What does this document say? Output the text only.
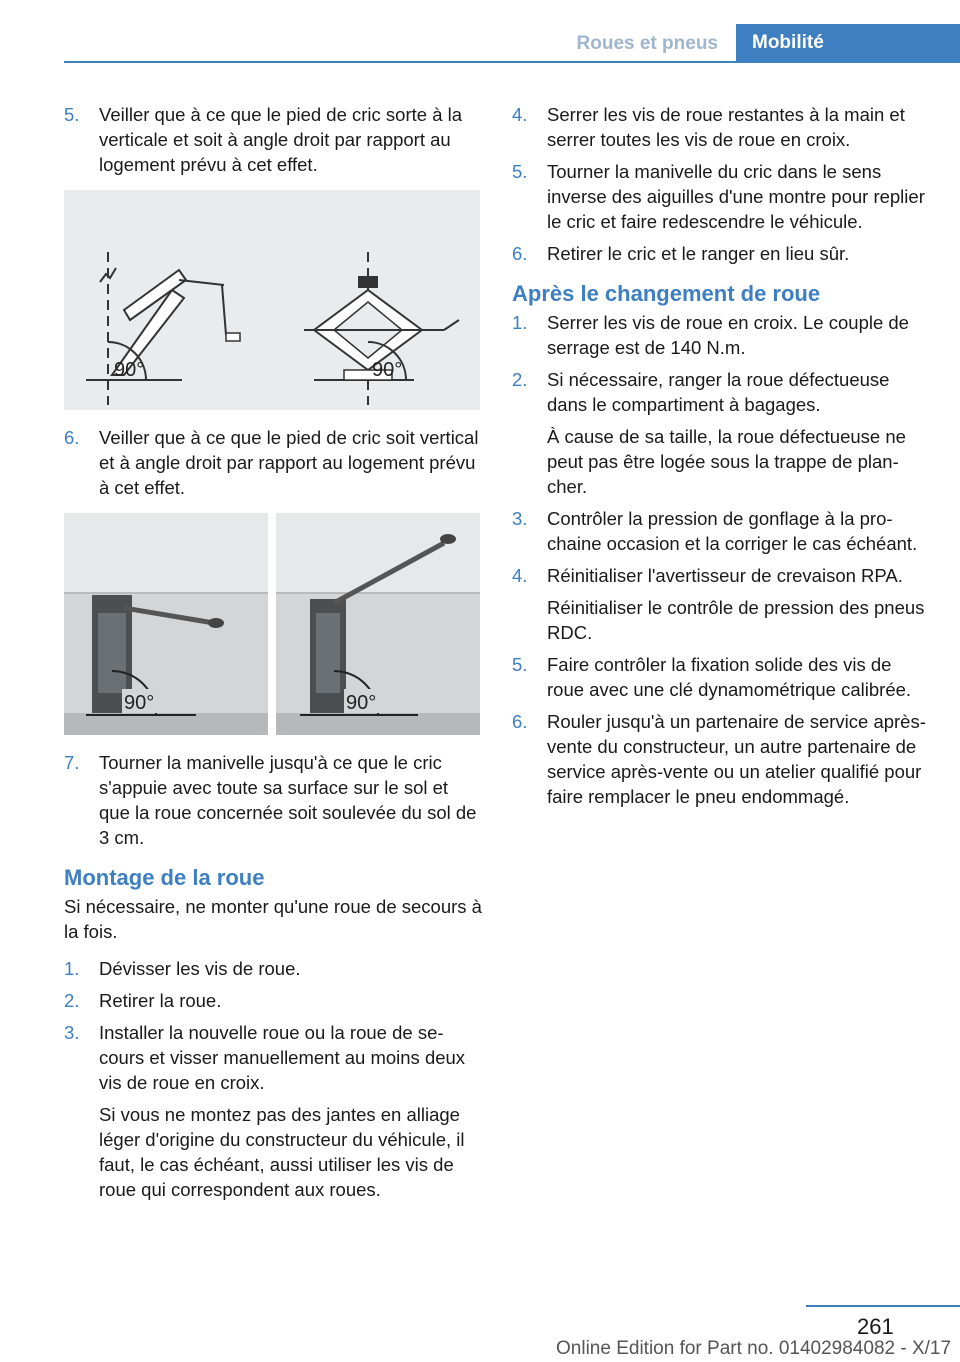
Roues et pneus	Mobilité
5. Veiller que à ce que le pied de cric sorte à la verticale et soit à angle droit par rapport au logement prévu à cet effet.

90°	90°
6. Veiller que à ce que le pied de cric soit vertical et à angle droit par rapport au logement prévu à cet effet.

90°	90°
7. Tourner la manivelle jusqu'à ce que le cric s'appuie avec toute sa surface sur le sol et que la roue concernée soit soulevée du sol de 3 cm.

Montage de la roue

Si nécessaire, ne monter qu'une roue de secours à la fois.

1. Dévisser les vis de roue.

2. Retirer la roue.

3. Installer la nouvelle roue ou la roue de secours et visser manuellement au moins deux vis de roue en croix.

Si vous ne montez pas des jantes en alliage léger d'origine du constructeur du véhicule, il faut, le cas échéant, aussi utiliser les vis de roue qui correspondent aux roues.

4. Serrer les vis de roue restantes à la main et serrer toutes les vis de roue en croix.

5. Tourner la manivelle du cric dans le sens inverse des aiguilles d'une montre pour replier le cric et faire redescendre le véhicule.

6. Retirer le cric et le ranger en lieu sûr.

Après le changement de roue
1. Serrer les vis de roue en croix. Le couple de serrage est de 140 N.m.

2. Si nécessaire, ranger la roue défectueuse dans le compartiment à bagages.

À cause de sa taille, la roue défectueuse ne peut pas être logée sous la trappe de plancher.

3. Contrôler la pression de gonflage à la prochaine occasion et la corriger le cas échéant.

4. Réinitialiser l'avertisseur de crevaison RPA.

Réinitialiser le contrôle de pression des pneus RDC.

5. Faire contrôler la fixation solide des vis de roue avec une clé dynamométrique calibrée.

6. Rouler jusqu'à un partenaire de service après-vente du constructeur, un autre partenaire de service après-vente ou un atelier qualifié pour faire remplacer le pneu endommagé.

261
Online Edition for Part no. 01402984082 - X/17
